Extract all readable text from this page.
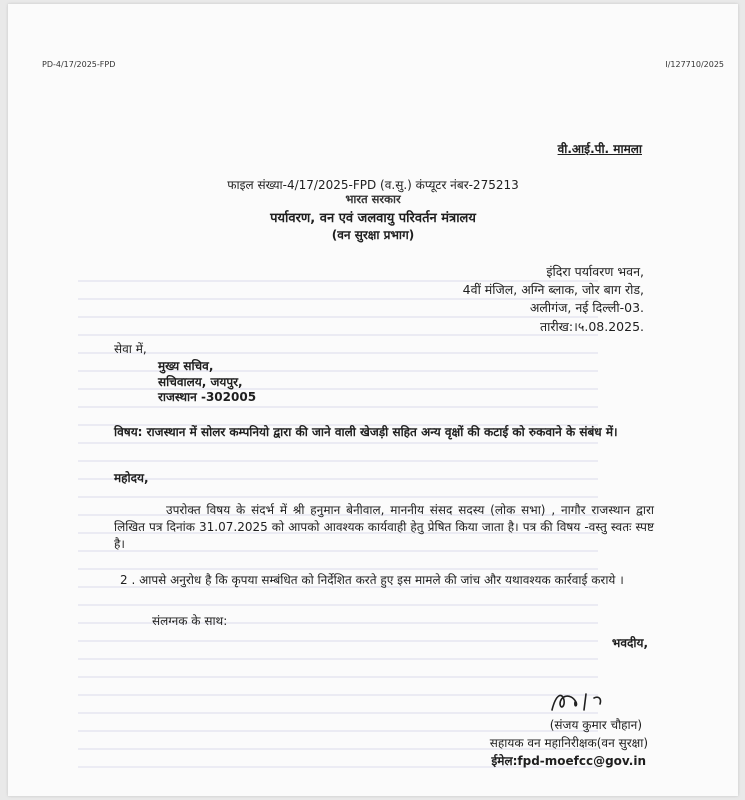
PD-4/17/2025-FPD	I/127710/2025
वी.आई.पी. मामला
फाइल संख्या-4/17/2025-FPD (व.सु.) कंप्यूटर नंबर-275213
भारत सरकार
पर्यावरण, वन एवं जलवायु परिवर्तन मंत्रालय
(वन सुरक्षा प्रभाग)
इंदिरा पर्यावरण भवन,
4वीं मंजिल, अग्नि ब्लाक, जोर बाग रोड,
अलीगंज, नई दिल्ली-03.
तारीख:।५.08.2025.
सेवा में,
मुख्य सचिव,
सचिवालय, जयपुर,
राजस्थान -302005
विषय: राजस्थान में सोलर कम्पनियो द्वारा की जाने वाली खेजड़ी सहित अन्य वृक्षों की कटाई को रुकवाने के संबंध में।
महोदय,
उपरोक्त विषय के संदर्भ में श्री हनुमान बेनीवाल, माननीय संसद सदस्य (लोक सभा) , नागौर राजस्थान द्वारा लिखित पत्र दिनांक 31.07.2025 को आपको आवश्यक कार्यवाही हेतु प्रेषित किया जाता है। पत्र की विषय -वस्तु स्वतः स्पष्ट है।
2 . आपसे अनुरोध है कि कृपया सम्बंधित को निर्देशित करते हुए इस मामले की जांच और यथावश्यक कार्रवाई कराये ।
संलग्नक के साथ:
भवदीय,
(संजय कुमार चौहान)
सहायक वन महानिरीक्षक(वन सुरक्षा)
ईमेल:fpd-moefcc@gov.in
